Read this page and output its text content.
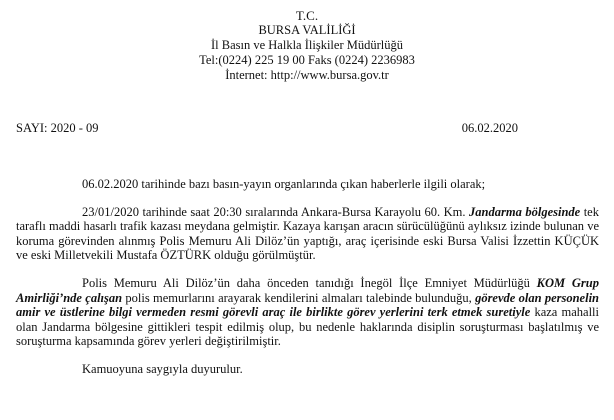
T.C.
BURSA VALİLİĞİ
İl Basın ve Halkla İlişkiler Müdürlüğü
Tel:(0224) 225 19 00 Faks (0224) 2236983
İnternet: http://www.bursa.gov.tr
SAYI: 2020 - 09	06.02.2020

06.02.2020 tarihinde bazı basın-yayın organlarında çıkan haberlerle ilgili olarak;

23/01/2020 tarihinde saat 20:30 sıralarında Ankara-Bursa Karayolu 60. Km. Jandarma bölgesinde tek taraflı maddi hasarlı trafik kazası meydana gelmiştir. Kazaya karışan aracın sürücülüğünü aylıksız izinde bulunan ve koruma görevinden alınmış Polis Memuru Ali Dilöz’ün yaptığı, araç içerisinde eski Bursa Valisi İzzettin KÜÇÜK ve eski Milletvekili Mustafa ÖZTÜRK olduğu görülmüştür.

Polis Memuru Ali Dilöz’ün daha önceden tanıdığı İnegöl İlçe Emniyet Müdürlüğü KOM Grup Amirliği’nde çalışan polis memurlarını arayarak kendilerini almaları talebinde bulunduğu, görevde olan personelin amir ve üstlerine bilgi vermeden resmi görevli araç ile birlikte görev yerlerini terk etmek suretiyle kaza mahalli olan Jandarma bölgesine gittikleri tespit edilmiş olup, bu nedenle haklarında disiplin soruşturması başlatılmış ve soruşturma kapsamında görev yerleri değiştirilmiştir.

Kamuoyuna saygıyla duyurulur.
